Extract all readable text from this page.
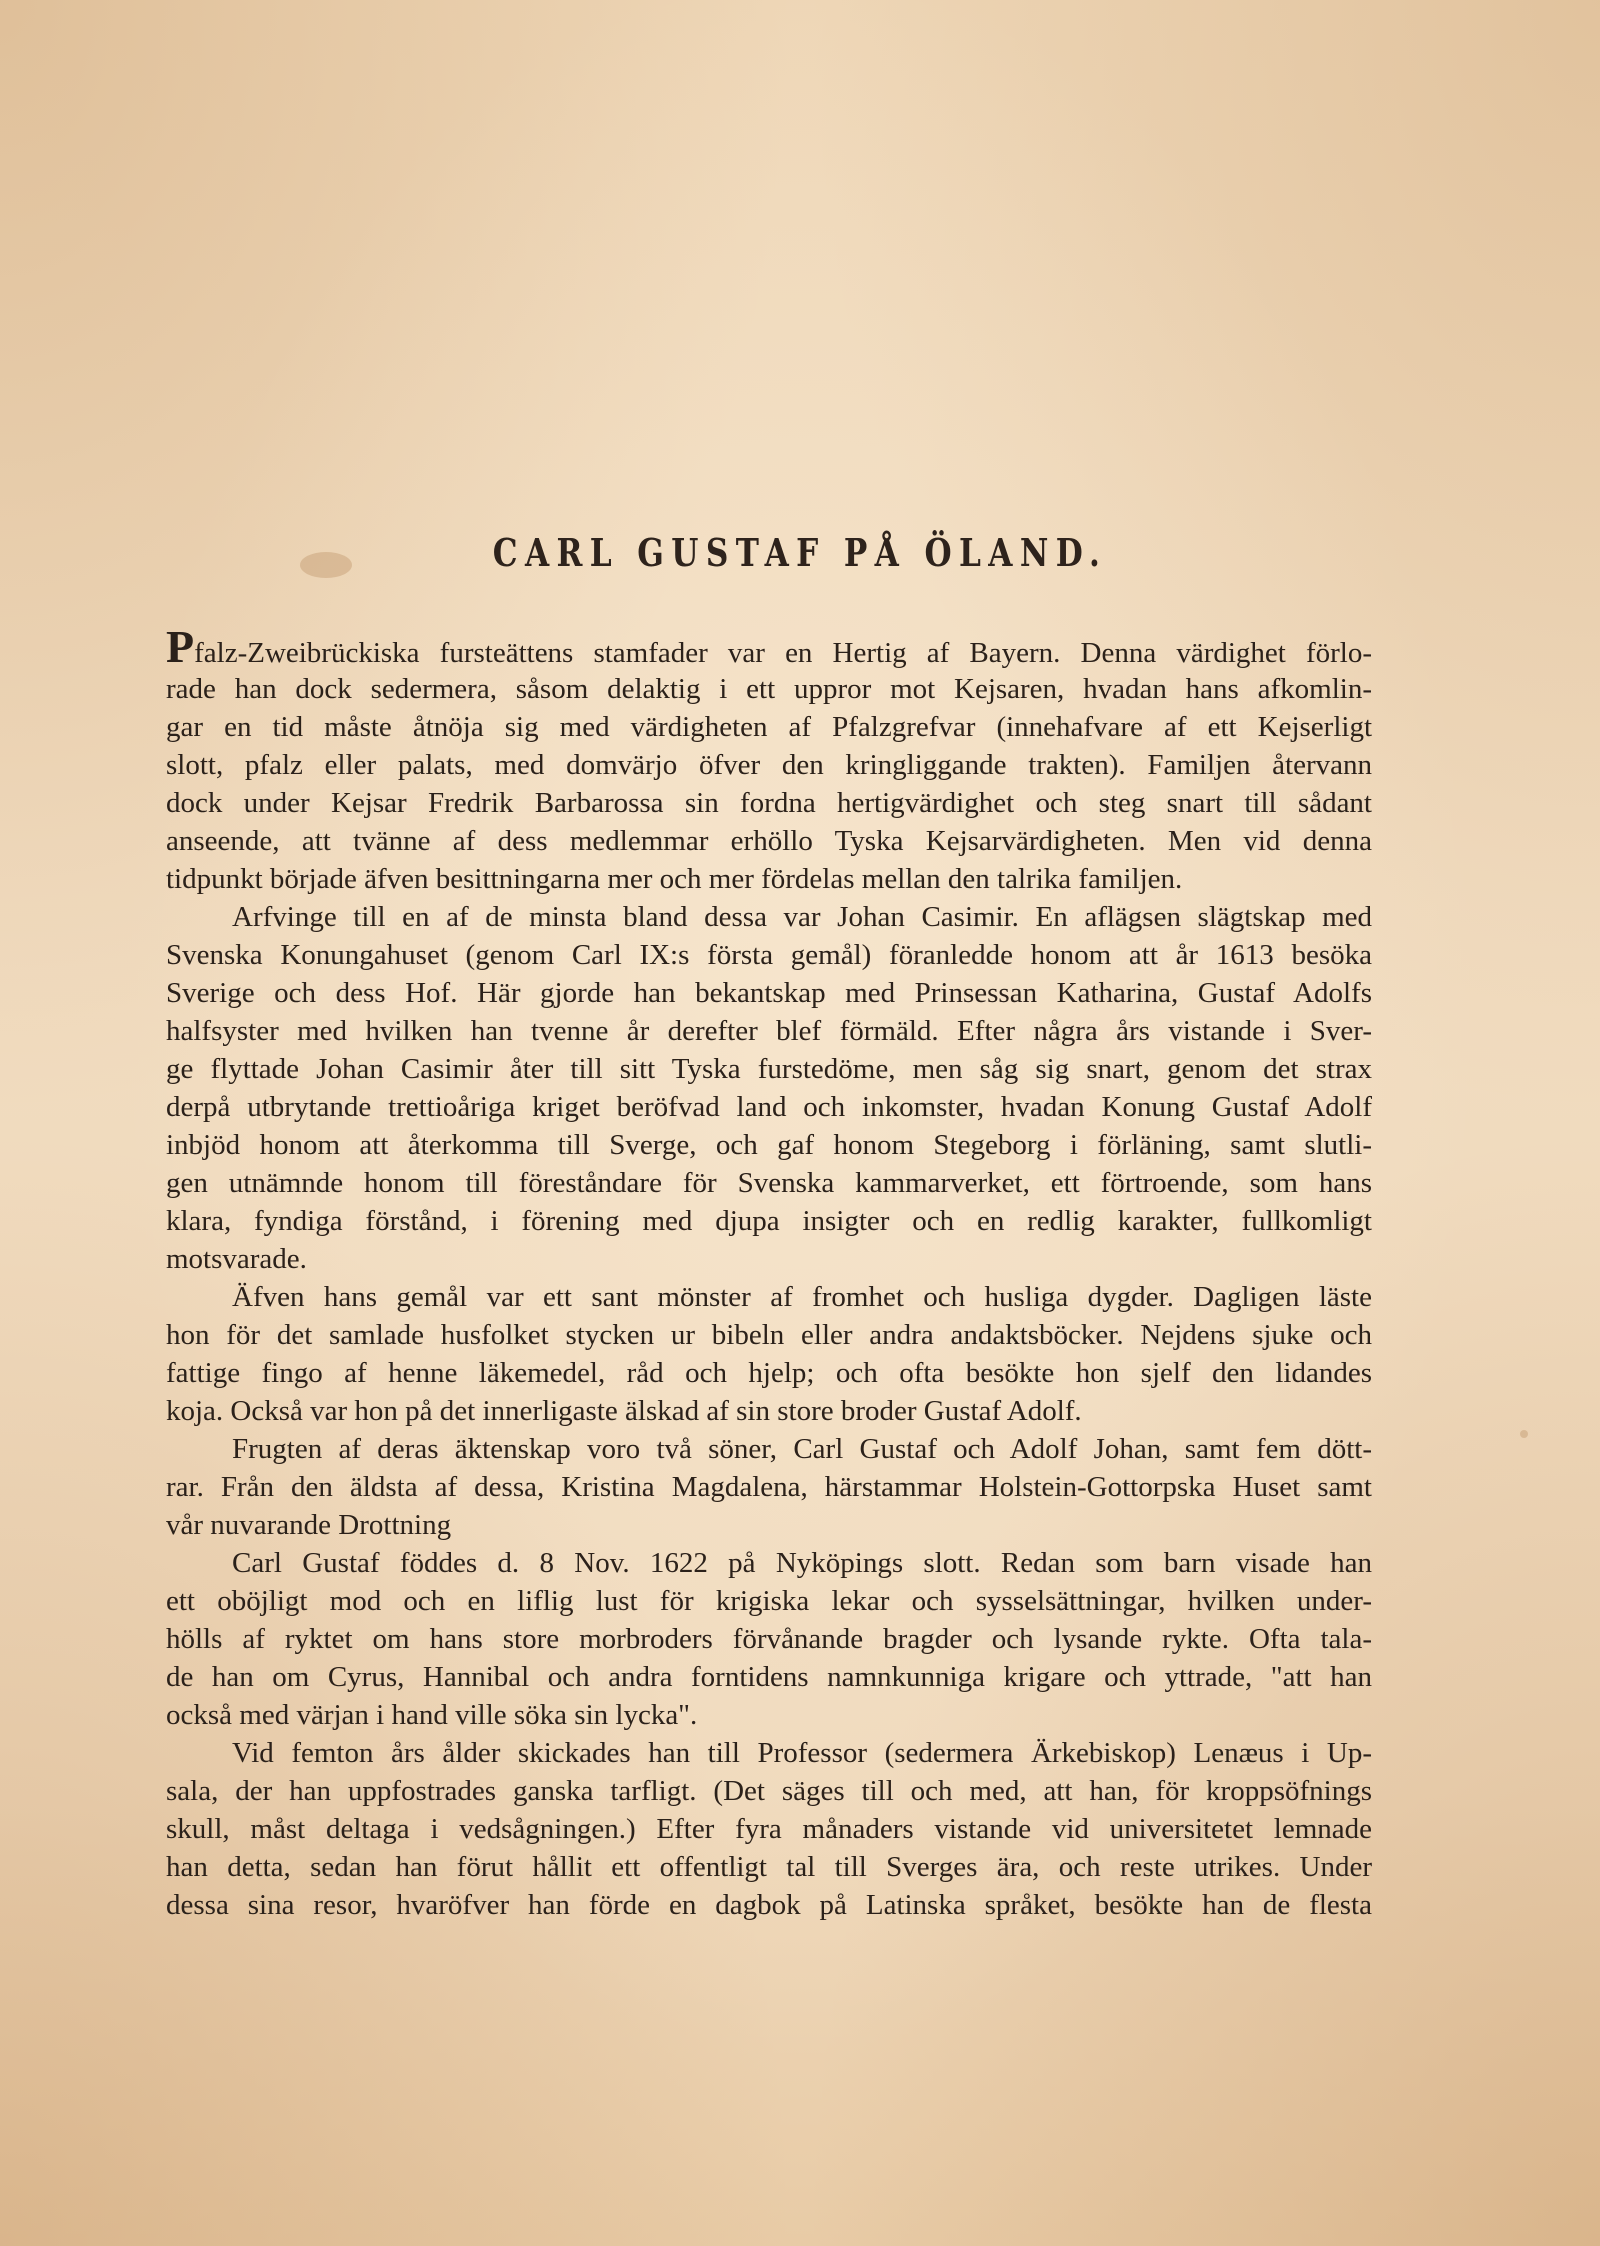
CARL GUSTAF PÅ ÖLAND.
Pfalz-Zweibrückiska fursteättens stamfader var en Hertig af Bayern. Denna värdighet förlo-
rade han dock sedermera, såsom delaktig i ett uppror mot Kejsaren, hvadan hans afkomlin-
gar en tid måste åtnöja sig med värdigheten af Pfalzgrefvar (innehafvare af ett Kejserligt
slott, pfalz eller palats, med domvärjo öfver den kringliggande trakten). Familjen återvann
dock under Kejsar Fredrik Barbarossa sin fordna hertigvärdighet och steg snart till sådant
anseende, att tvänne af dess medlemmar erhöllo Tyska Kejsarvärdigheten. Men vid denna
tidpunkt började äfven besittningarna mer och mer fördelas mellan den talrika familjen.
Arfvinge till en af de minsta bland dessa var Johan Casimir. En aflägsen slägtskap med
Svenska Konungahuset (genom Carl IX:s första gemål) föranledde honom att år 1613 besöka
Sverige och dess Hof. Här gjorde han bekantskap med Prinsessan Katharina, Gustaf Adolfs
halfsyster med hvilken han tvenne år derefter blef förmäld. Efter några års vistande i Sver-
ge flyttade Johan Casimir åter till sitt Tyska furstedöme, men såg sig snart, genom det strax
derpå utbrytande trettioåriga kriget beröfvad land och inkomster, hvadan Konung Gustaf Adolf
inbjöd honom att återkomma till Sverge, och gaf honom Stegeborg i förläning, samt slutli-
gen utnämnde honom till föreståndare för Svenska kammarverket, ett förtroende, som hans
klara, fyndiga förstånd, i förening med djupa insigter och en redlig karakter, fullkomligt
motsvarade.
Äfven hans gemål var ett sant mönster af fromhet och husliga dygder. Dagligen läste
hon för det samlade husfolket stycken ur bibeln eller andra andaktsböcker. Nejdens sjuke och
fattige fingo af henne läkemedel, råd och hjelp; och ofta besökte hon sjelf den lidandes
koja. Också var hon på det innerligaste älskad af sin store broder Gustaf Adolf.
Frugten af deras äktenskap voro två söner, Carl Gustaf och Adolf Johan, samt fem dött-
rar. Från den äldsta af dessa, Kristina Magdalena, härstammar Holstein-Gottorpska Huset samt
vår nuvarande Drottning
Carl Gustaf föddes d. 8 Nov. 1622 på Nyköpings slott. Redan som barn visade han
ett oböjligt mod och en liflig lust för krigiska lekar och sysselsättningar, hvilken under-
hölls af ryktet om hans store morbroders förvånande bragder och lysande rykte. Ofta tala-
de han om Cyrus, Hannibal och andra forntidens namnkunniga krigare och yttrade, "att han
också med värjan i hand ville söka sin lycka".
Vid femton års ålder skickades han till Professor (sedermera Ärkebiskop) Lenæus i Up-
sala, der han uppfostrades ganska tarfligt. (Det säges till och med, att han, för kroppsöfnings
skull, måst deltaga i vedsågningen.) Efter fyra månaders vistande vid universitetet lemnade
han detta, sedan han förut hållit ett offentligt tal till Sverges ära, och reste utrikes. Under
dessa sina resor, hvaröfver han förde en dagbok på Latinska språket, besökte han de flesta
